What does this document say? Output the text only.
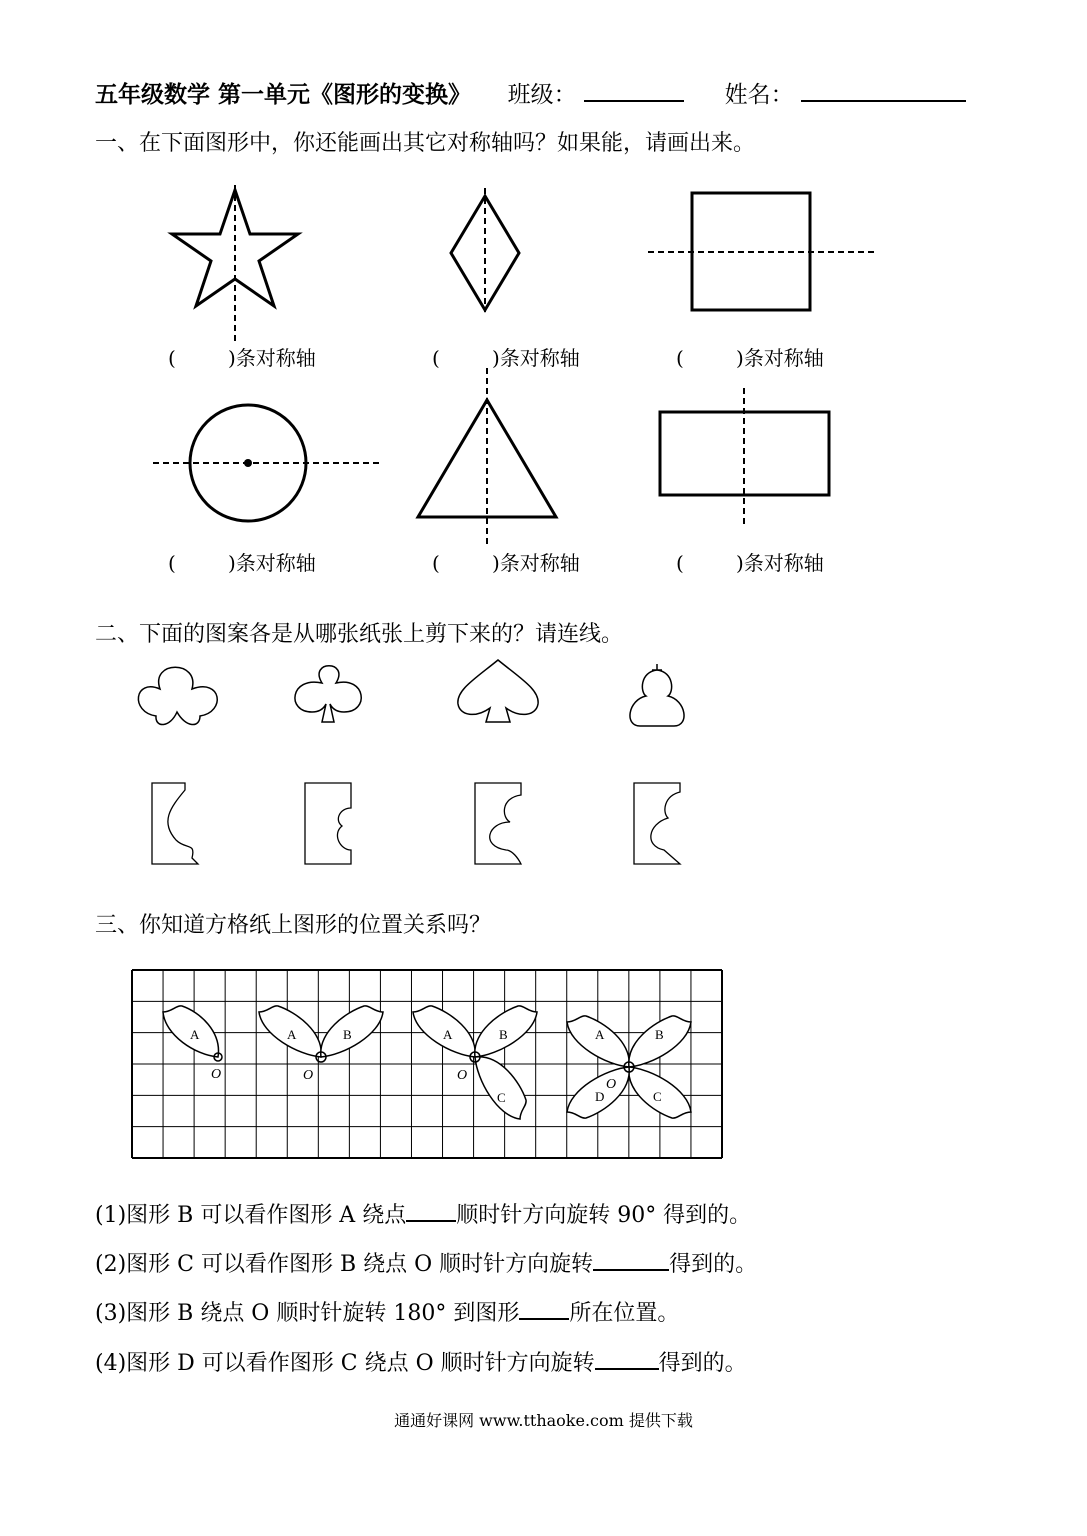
五年级数学 第一单元《图形的变换》 班级：	姓名：
一、在下面图形中，你还能画出其它对称轴吗？如果能，请画出来。
(	)条对称轴	(	)条对称轴	(	)条对称轴
(	)条对称轴	(	)条对称轴	(	)条对称轴
二、下面的图案各是从哪张纸张上剪下来的？请连线。
三、你知道方格纸上图形的位置关系吗？
(1)图形 B 可以看作图形 A 绕点 顺时针方向旋转 90° 得到的。
(2)图形 C 可以看作图形 B 绕点 O 顺时针方向旋转	得到的。
(3)图形 B 绕点 O 顺时针旋转 180° 到图形 所在位置。
(4)图形 D 可以看作图形 C 绕点 O 顺时针方向旋转	得到的。
通通好课网 www.tthaoke.com 提供下载
A
O
A	B
O
A	B
C
O
A	B
C
D
O
